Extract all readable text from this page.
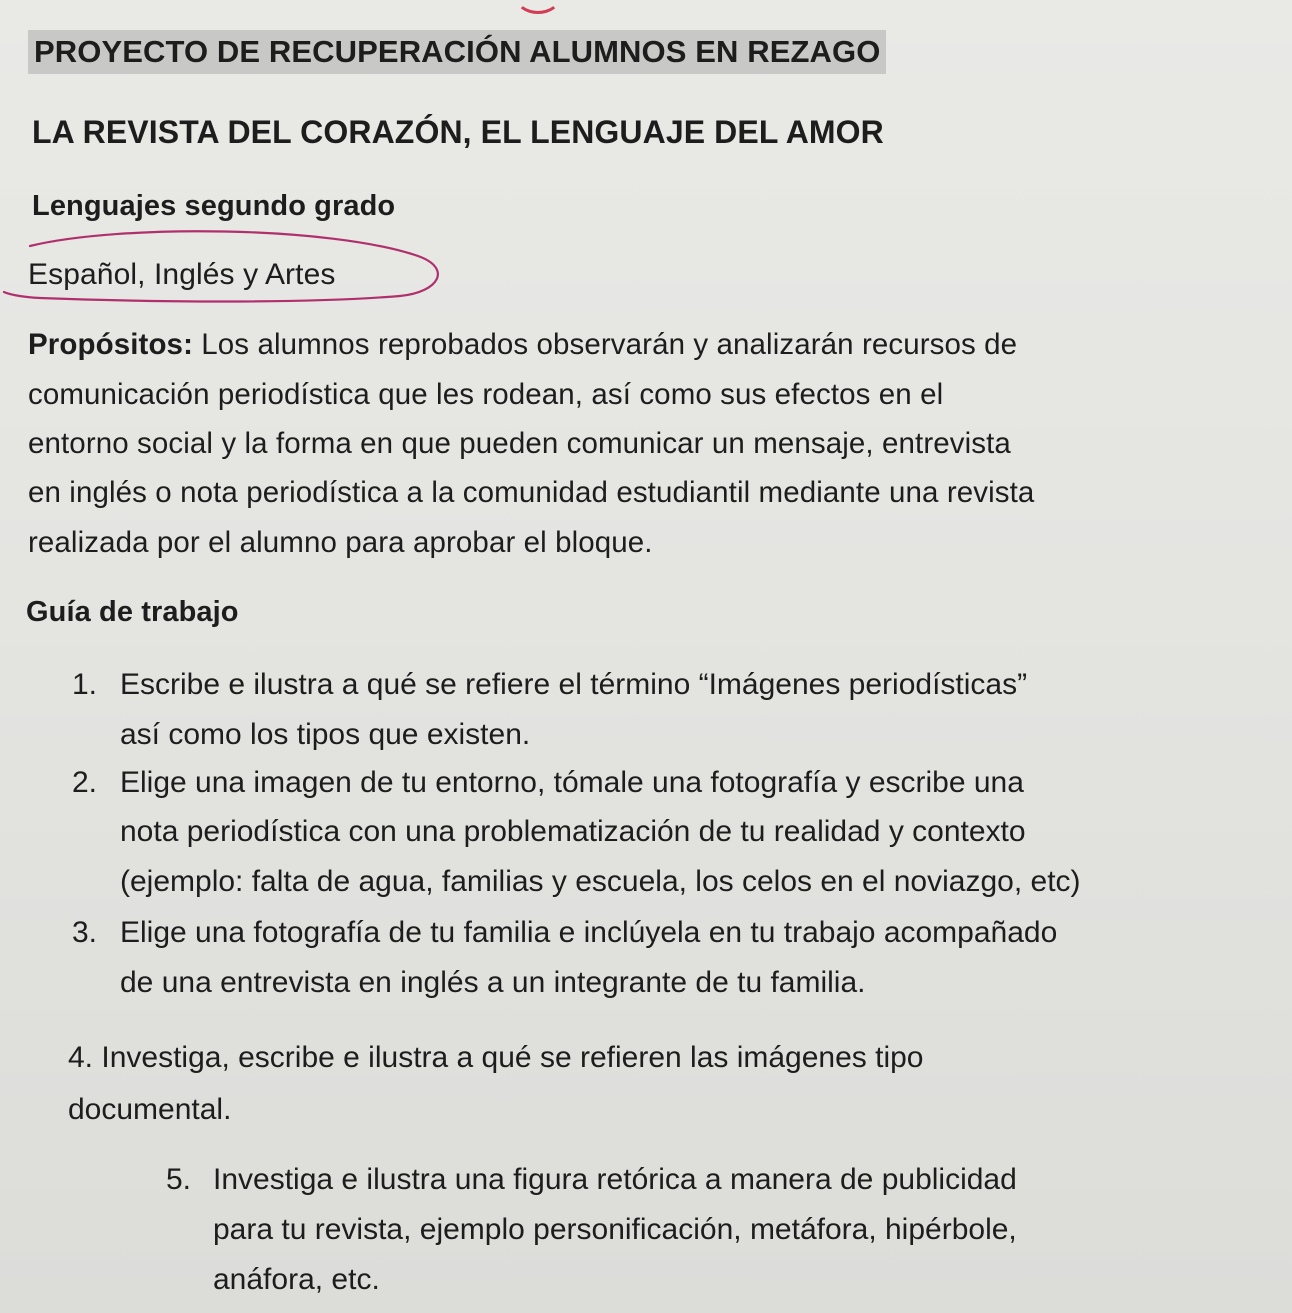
PROYECTO DE RECUPERACIÓN ALUMNOS EN REZAGO
LA REVISTA DEL CORAZÓN, EL LENGUAJE DEL AMOR
Lenguajes segundo grado
Español, Inglés y Artes
Propósitos: Los alumnos reprobados observarán y analizarán recursos de
comunicación periodística que les rodean, así como sus efectos en el
entorno social y la forma en que pueden comunicar un mensaje, entrevista
en inglés o nota periodística a la comunidad estudiantil mediante una revista
realizada por el alumno para aprobar el bloque.
Guía de trabajo
1. Escribe e ilustra a qué se refiere el término “Imágenes periodísticas”
así como los tipos que existen.
2. Elige una imagen de tu entorno, tómale una fotografía y escribe una
nota periodística con una problematización de tu realidad y contexto
(ejemplo: falta de agua, familias y escuela, los celos en el noviazgo, etc)
3. Elige una fotografía de tu familia e inclúyela en tu trabajo acompañado
de una entrevista en inglés a un integrante de tu familia.
4. Investiga, escribe e ilustra a qué se refieren las imágenes tipo
documental.
5. Investiga e ilustra una figura retórica a manera de publicidad
para tu revista, ejemplo personificación, metáfora, hipérbole,
anáfora, etc.
